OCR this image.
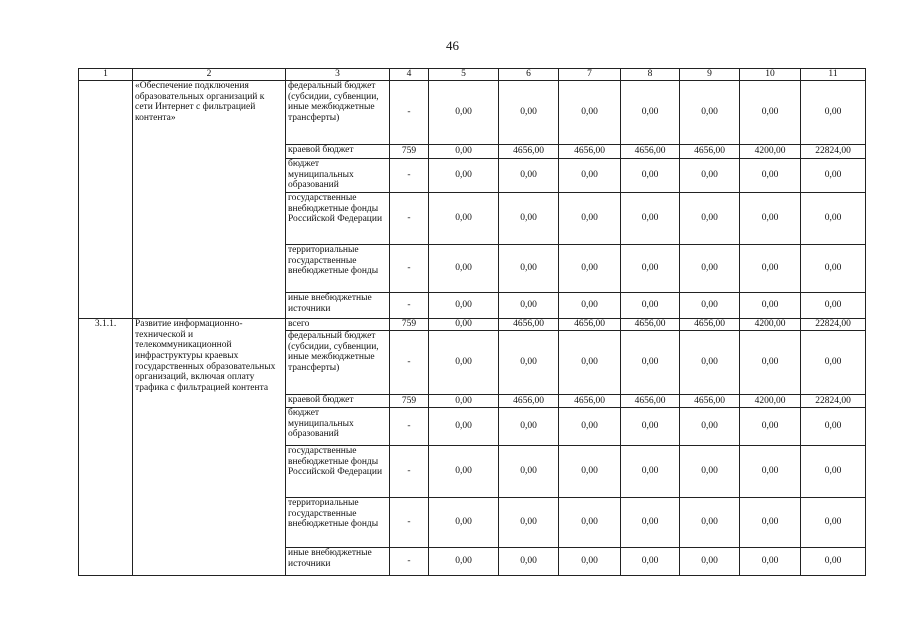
46
1	2	3	4	5	6	7	8	9	10	11
	«Обеспечение подключения образовательных организаций к сети Интернет с фильтрацией контента»	федеральный бюджет (субсидии, субвенции, иные межбюджетные трансферты)	-	0,00	0,00	0,00	0,00	0,00	0,00	0,00
		краевой бюджет	759	0,00	4656,00	4656,00	4656,00	4656,00	4200,00	22824,00
		бюджет муниципальных образований	-	0,00	0,00	0,00	0,00	0,00	0,00	0,00
		государственные внебюджетные фонды Российской Федерации	-	0,00	0,00	0,00	0,00	0,00	0,00	0,00
		территориальные государственные внебюджетные фонды	-	0,00	0,00	0,00	0,00	0,00	0,00	0,00
		иные внебюджетные источники	-	0,00	0,00	0,00	0,00	0,00	0,00	0,00
3.1.1.	Развитие информационно-технической и телекоммуникационной инфраструктуры краевых государственных образовательных организаций, включая оплату трафика с фильтрацией контента	всего	759	0,00	4656,00	4656,00	4656,00	4656,00	4200,00	22824,00
		федеральный бюджет (субсидии, субвенции, иные межбюджетные трансферты)	-	0,00	0,00	0,00	0,00	0,00	0,00	0,00
		краевой бюджет	759	0,00	4656,00	4656,00	4656,00	4656,00	4200,00	22824,00
		бюджет муниципальных образований	-	0,00	0,00	0,00	0,00	0,00	0,00	0,00
		государственные внебюджетные фонды Российской Федерации	-	0,00	0,00	0,00	0,00	0,00	0,00	0,00
		территориальные государственные внебюджетные фонды	-	0,00	0,00	0,00	0,00	0,00	0,00	0,00
		иные внебюджетные источники	-	0,00	0,00	0,00	0,00	0,00	0,00	0,00
